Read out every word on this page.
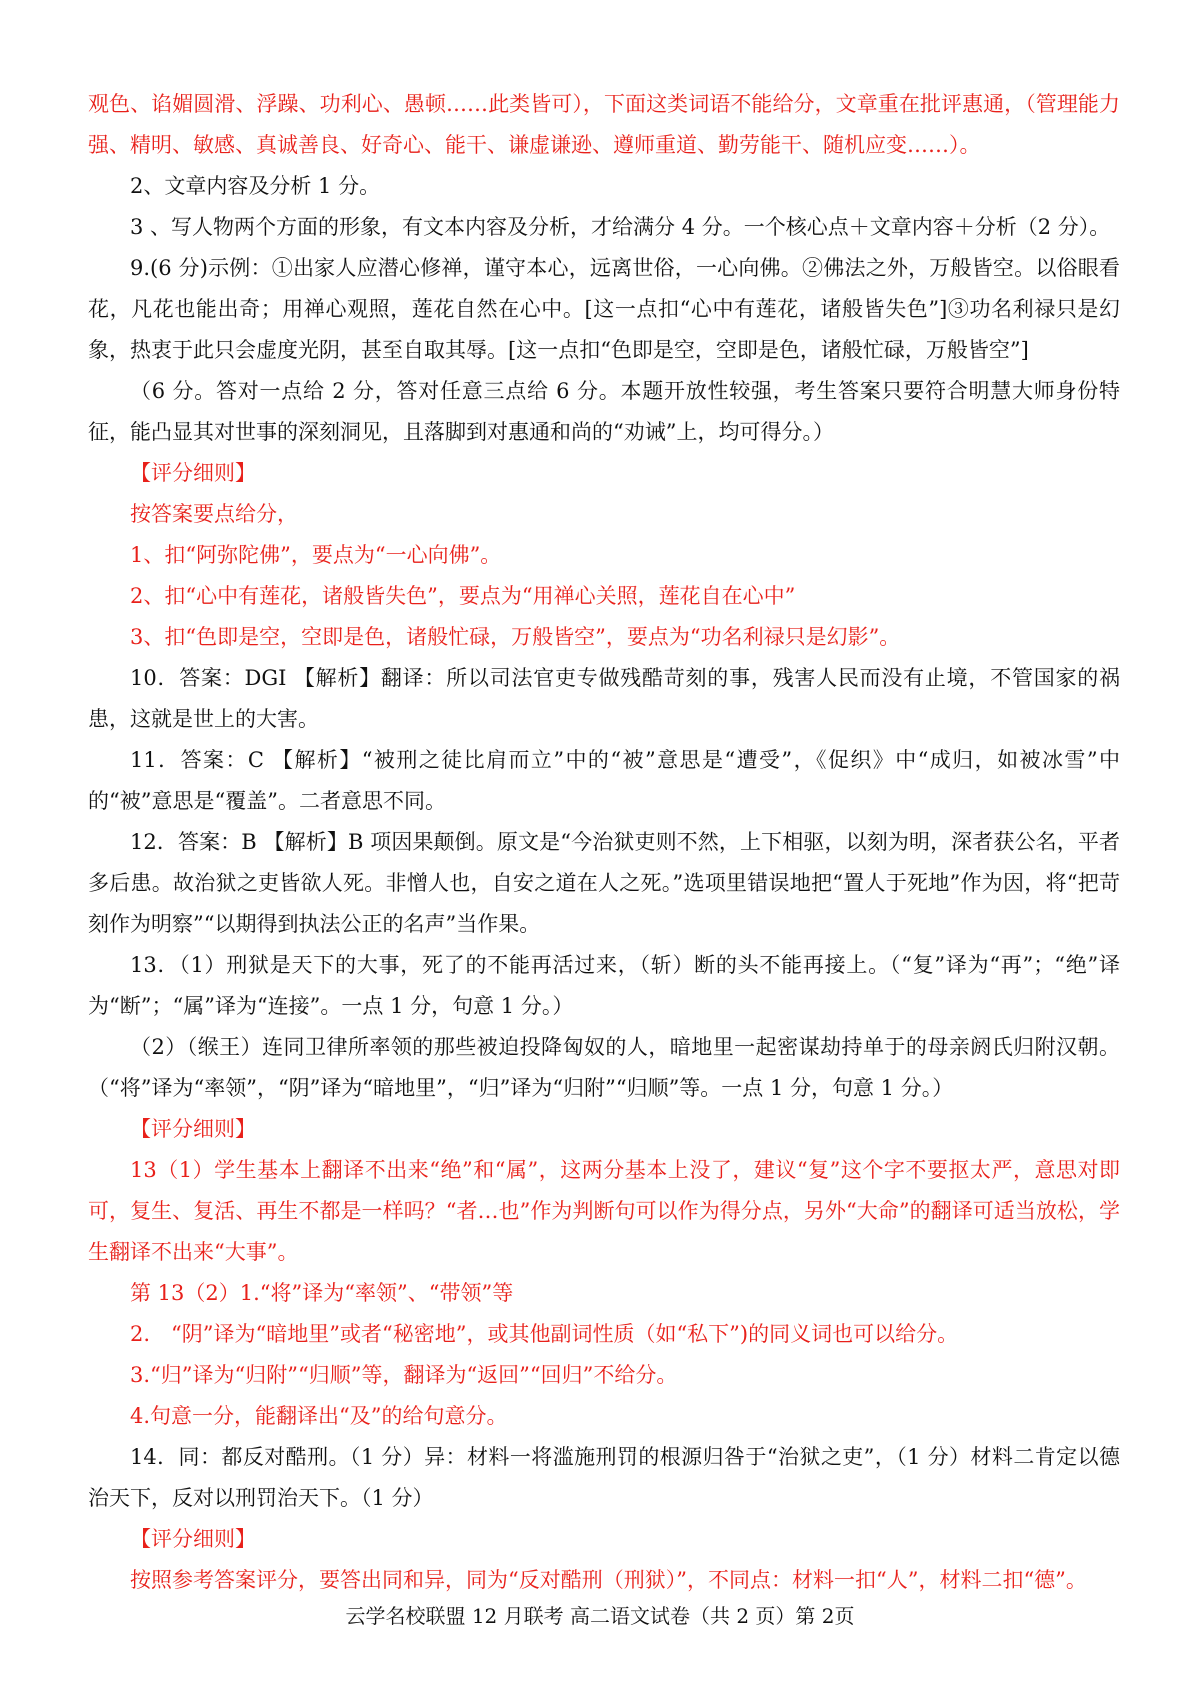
观色、谄媚圆滑、浮躁、功利心、愚顿……此类皆可），下面这类词语不能给分，文章重在批评惠通，（管理能力强、精明、敏感、真诚善良、好奇心、能干、谦虚谦逊、遵师重道、勤劳能干、随机应变……）。

2、文章内容及分析 1 分。

3 、写人物两个方面的形象，有文本内容及分析，才给满分 4 分。一个核心点＋文章内容＋分析（2 分）。

9.(6 分)示例：①出家人应潜心修禅，谨守本心，远离世俗，一心向佛。②佛法之外，万般皆空。以俗眼看花，凡花也能出奇；用禅心观照，莲花自然在心中。[这一点扣“心中有莲花，诸般皆失色”]③功名利禄只是幻象，热衷于此只会虚度光阴，甚至自取其辱。[这一点扣“色即是空，空即是色，诸般忙碌，万般皆空”]

（6 分。答对一点给 2 分，答对任意三点给 6 分。本题开放性较强，考生答案只要符合明慧大师身份特征，能凸显其对世事的深刻洞见，且落脚到对惠通和尚的“劝诫”上，均可得分。）

【评分细则】

按答案要点给分，

1、扣“阿弥陀佛”，要点为“一心向佛”。

2、扣“心中有莲花，诸般皆失色”，要点为“用禅心关照，莲花自在心中”

3、扣“色即是空，空即是色，诸般忙碌，万般皆空”，要点为“功名利禄只是幻影”。

10．答案：DGI 【解析】翻译：所以司法官吏专做残酷苛刻的事，残害人民而没有止境，不管国家的祸患，这就是世上的大害。

11．答案：C 【解析】“被刑之徒比肩而立”中的“被”意思是“遭受”，《促织》中“成归，如被冰雪”中的“被”意思是“覆盖”。二者意思不同。

12．答案：B 【解析】B 项因果颠倒。原文是“今治狱吏则不然，上下相驱，以刻为明，深者获公名，平者多后患。故治狱之吏皆欲人死。非憎人也，自安之道在人之死。”选项里错误地把“置人于死地”作为因，将“把苛刻作为明察”“以期得到执法公正的名声”当作果。

13．（1）刑狱是天下的大事，死了的不能再活过来，（斩）断的头不能再接上。（“复”译为“再”；“绝”译为“断”；“属”译为“连接”。一点 1 分，句意 1 分。）

（2）（缑王）连同卫律所率领的那些被迫投降匈奴的人，暗地里一起密谋劫持单于的母亲阏氏归附汉朝。（“将”译为“率领”，“阴”译为“暗地里”，“归”译为“归附”“归顺”等。一点 1 分，句意 1 分。）

【评分细则】

13（1）学生基本上翻译不出来“绝”和“属”，这两分基本上没了，建议“复”这个字不要抠太严，意思对即可，复生、复活、再生不都是一样吗？“者…也”作为判断句可以作为得分点，另外“大命”的翻译可适当放松，学生翻译不出来“大事”。

第 13（2）1.“将”译为“率领”、“带领”等

2.　“阴”译为“暗地里”或者“秘密地”，或其他副词性质（如“私下”)的同义词也可以给分。

3.“归”译为“归附”“归顺”等，翻译为“返回”“回归”不给分。

4.句意一分，能翻译出“及”的给句意分。

14．同：都反对酷刑。（1 分）异：材料一将滥施刑罚的根源归咎于“治狱之吏”，（1 分）材料二肯定以德治天下，反对以刑罚治天下。（1 分）

【评分细则】

按照参考答案评分，要答出同和异，同为“反对酷刑（刑狱）”，不同点：材料一扣“人”，材料二扣“德”。

云学名校联盟 12 月联考 高二语文试卷（共 2 页）第 2页
